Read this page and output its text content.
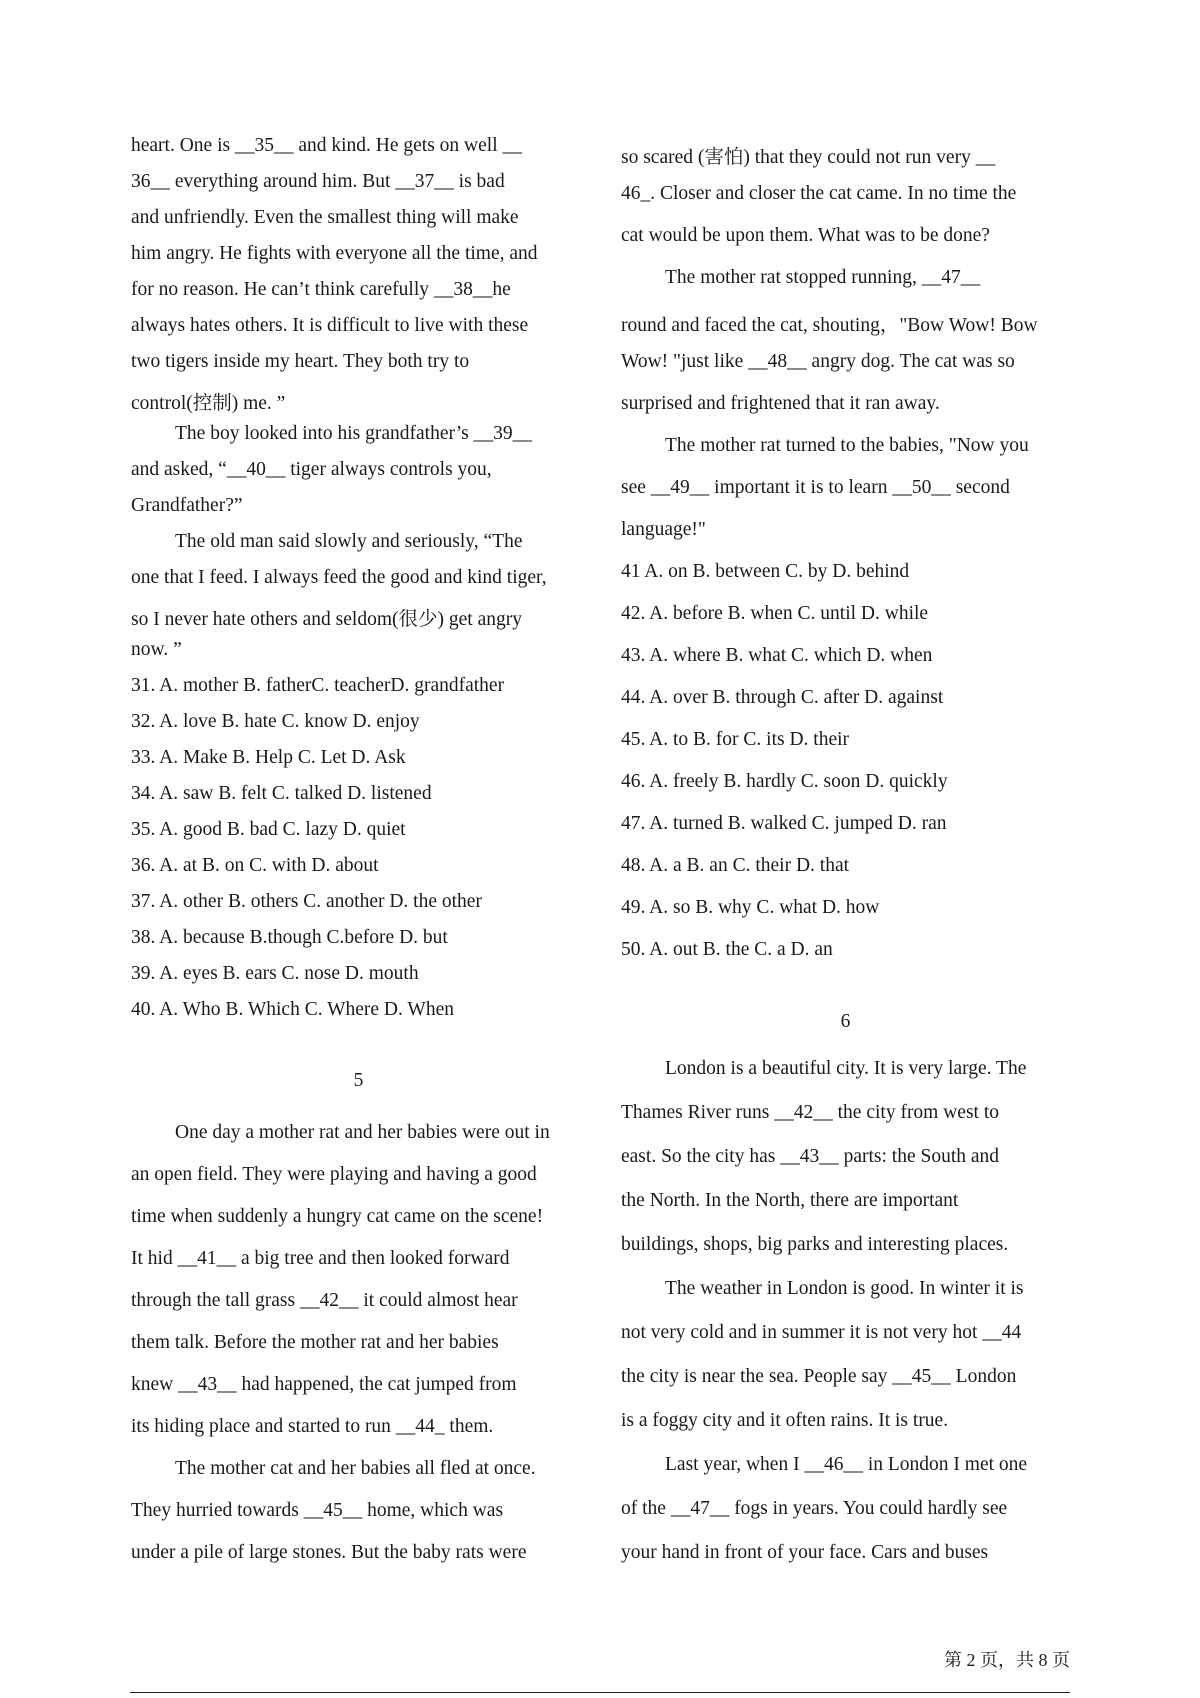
heart. One is __35__ and kind. He gets on well __
36__ everything around him. But __37__ is bad
and unfriendly. Even the smallest thing will make
him angry. He fights with everyone all the time, and
for no reason. He can’t think carefully __38__he
always hates others. It is difficult to live with these
two tigers inside my heart. They both try to
control(控制) me. ”
The boy looked into his grandfather’s __39__
and asked, “__40__ tiger always controls you,
Grandfather?”
The old man said slowly and seriously, “The
one that I feed. I always feed the good and kind tiger,
so I never hate others and seldom(很少) get angry
now. ”
31. A. mother B. fatherC. teacherD. grandfather
32. A. love B. hate C. know D. enjoy
33. A. Make B. Help C. Let D. Ask
34. A. saw B. felt C. talked D. listened
35. A. good B. bad C. lazy D. quiet
36. A. at B. on C. with D. about
37. A. other B. others C. another D. the other
38. A. because B.though C.before D. but
39. A. eyes B. ears C. nose D. mouth
40. A. Who B. Which C. Where D. When
5
One day a mother rat and her babies were out in
an open field. They were playing and having a good
time when suddenly a hungry cat came on the scene!
It hid __41__ a big tree and then looked forward
through the tall grass __42__ it could almost hear
them talk. Before the mother rat and her babies
knew __43__ had happened, the cat jumped from
its hiding place and started to run __44_ them.
The mother cat and her babies all fled at once.
They hurried towards __45__ home, which was
under a pile of large stones. But the baby rats were
so scared (害怕) that they could not run very __
46_. Closer and closer the cat came. In no time the
cat would be upon them. What was to be done?
The mother rat stopped running, __47__
round and faced the cat, shouting，"Bow Wow! Bow
Wow! "just like __48__ angry dog. The cat was so
surprised and frightened that it ran away.
The mother rat turned to the babies, "Now you
see __49__ important it is to learn __50__ second
language!"
41 A. on B. between C. by D. behind
42. A. before B. when C. until D. while
43. A. where B. what C. which D. when
44. A. over B. through C. after D. against
45. A. to B. for C. its D. their
46. A. freely B. hardly C. soon D. quickly
47. A. turned B. walked C. jumped D. ran
48. A. a B. an C. their D. that
49. A. so B. why C. what D. how
50. A. out B. the C. a D. an
6
London is a beautiful city. It is very large. The
Thames River runs __42__ the city from west to
east. So the city has __43__ parts: the South and
the North. In the North, there are important
buildings, shops, big parks and interesting places.
The weather in London is good. In winter it is
not very cold and in summer it is not very hot __44
the city is near the sea. People say __45__ London
is a foggy city and it often rains. It is true.
Last year, when I __46__ in London I met one
of the __47__ fogs in years. You could hardly see
your hand in front of your face. Cars and buses
第 2 页，共 8 页
